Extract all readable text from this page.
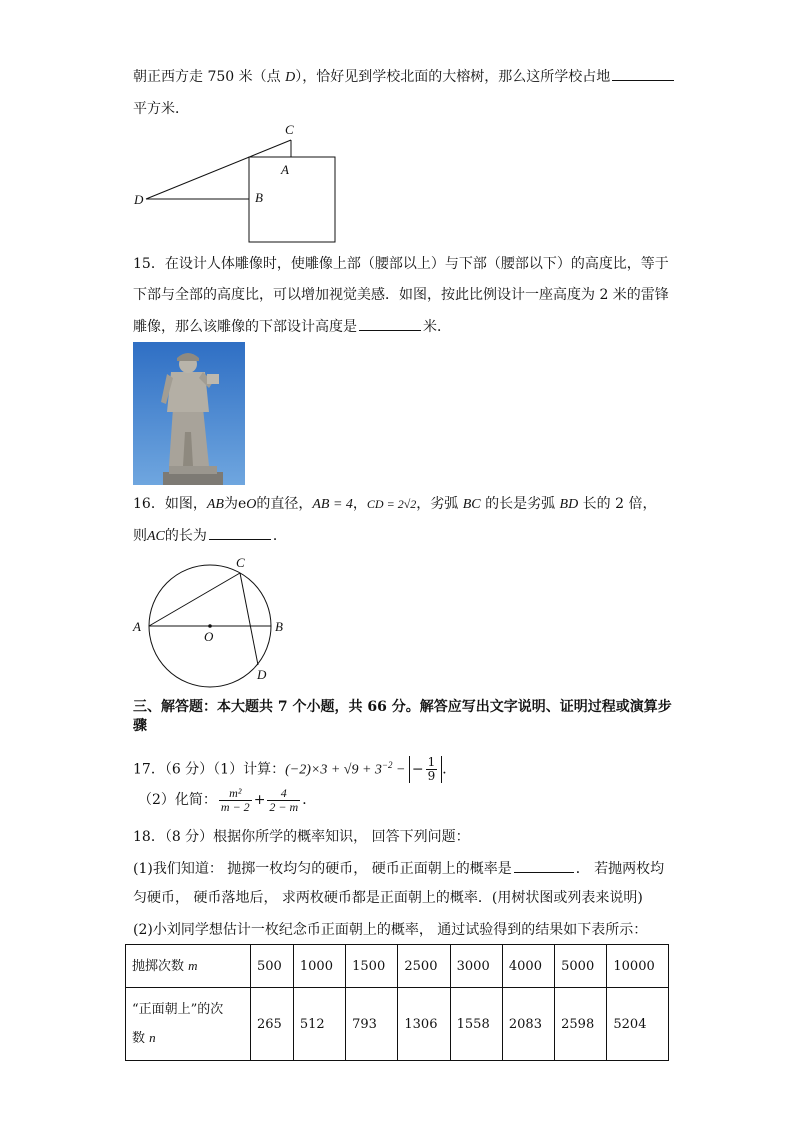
朝正西方走 750 米（点 D），恰好见到学校北面的大榕树，那么这所学校占地
平方米．
C
A
B
D
15．在设计人体雕像时，使雕像上部（腰部以上）与下部（腰部以下）的高度比，等于
下部与全部的高度比，可以增加视觉美感．如图，按此比例设计一座高度为 2 米的雷锋
雕像，那么该雕像的下部设计高度是	米．
16．如图，AB为eO的直径，AB = 4，CD = 2√2，劣弧 BC 的长是劣弧 BD 长的 2 倍，
则AC的长为	．
A	B
C
D
O
三、解答题：本大题共 7 个小题，共 66 分。解答应写出文字说明、证明过程或演算步
骤
17．（6 分）（1）计算：$(-2)\times 3 + √9 + 3^{-2}$ − − $\frac{1}{9}$ ．
（2）化简： $\frac{\text{m²}}{m - 2} + \frac{4}{2 - m}$ ．
18．（8 分）根据你所学的概率知识， 回答下列问题：
(1)我们知道： 抛掷一枚均匀的硬币， 硬币正面朝上的概率是	． 若抛两枚均
匀硬币， 硬币落地后， 求两枚硬币都是正面朝上的概率．(用树状图或列表来说明)
(2)小刘同学想估计一枚纪念币正面朝上的概率， 通过试验得到的结果如下表所示：
抛掷次数 m	500	1000	1500	2500	3000	4000	5000	10000
“正面朝上”的次数 n	265	512	793	1306	1558	2083	2598	5204
